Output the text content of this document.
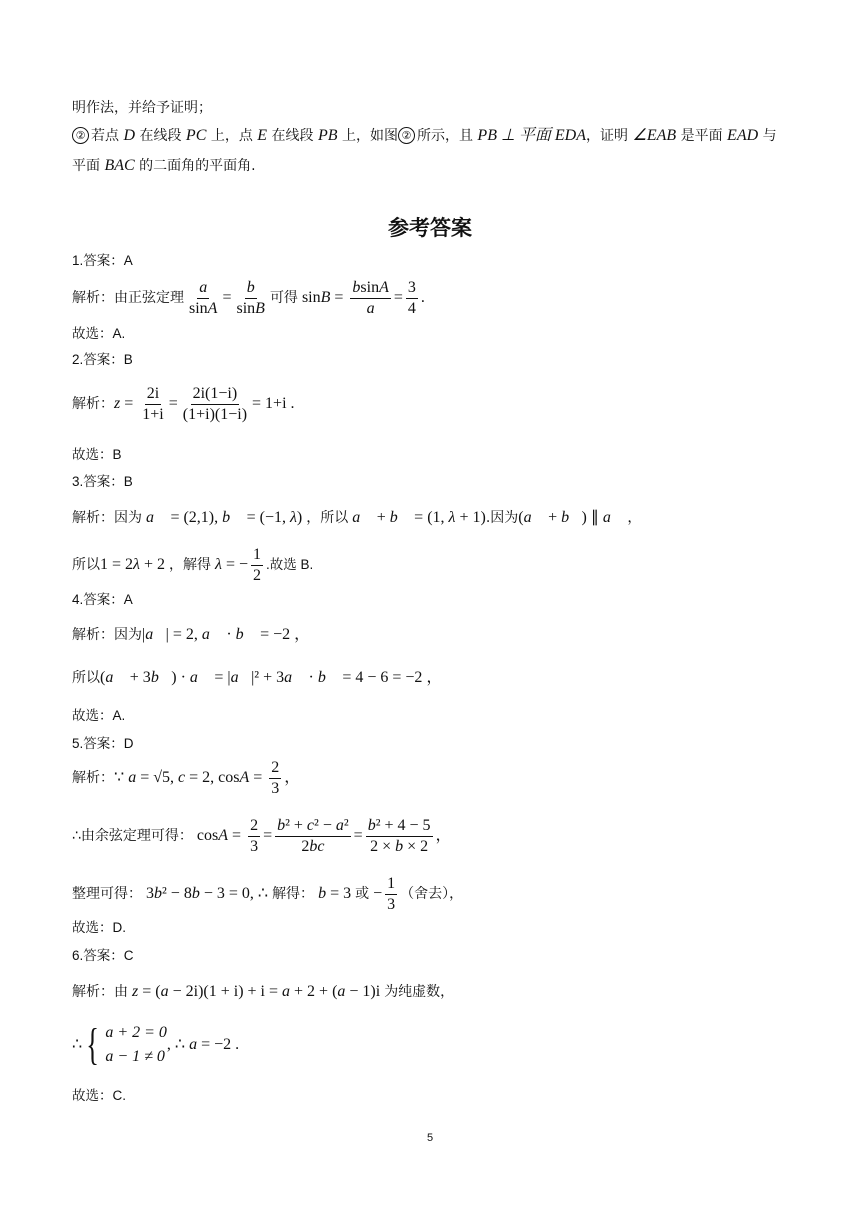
明作法，并给予证明；
② 若点 D 在线段 PC 上，点 E 在线段 PB 上，如图 ② 所示，且 PB ⊥ 平面 EDA，证明 ∠EAB 是平面 EAD 与
平面 BAC 的二面角的平面角.
参考答案
1.答案：A
解析：由正弦定理 $\frac{a}{\sin A} = \frac{b}{\sin B}$ 可得 $\sin B = \frac{bsinA}{a} = \frac{3}{4}$ .
故选：A.
2.答案：B
解析：$z = \frac{2i}{1+i} = \frac{2i(1-i)}{(1+i)(1-i)} = 1+i$ .
故选：B
3.答案：B
解析：因为 a⃗ = (2,1), b⃗ = (−1, λ) ，所以 a⃗ + b⃗ = (1, λ + 1).因为(a⃗ + b⃗) ∥ a⃗ ，
所以1 = 2λ + 2 ，解得 λ = − $\frac{1}{2}$ .故选 B.
4.答案：A
解析：因为|a⃗| = 2, a⃗ · b⃗ = −2 ，
所以(a⃗ + 3b⃗) · a⃗ = |a⃗|² + 3a⃗ · b⃗ = 4 − 6 = −2 ，
故选：A.
5.答案：D
解析：∵ a = √5, c = 2, $\cos A = \frac{2}{3}$ ，
∴由余弦定理可得： $\cos A = \frac{2}{3} = \frac{\text{b² + c² − a²}}{2bc} = \frac{\text{b² + 4 − 5}}{2 \times b \times 2}$ ，
整理可得： 3b² − 8b − 3 = 0, ∴ 解得： b = 3 或 − $\frac{1}{3}$ （舍去），
故选：D.
6.答案：C
解析：由 z = (a − 2i)(1 + i) + i = a + 2 + (a − 1)i 为纯虚数，
∴ { a + 2 = 0
a − 1 ≠ 0
, ∴ a = −2 .
故选：C.
5
